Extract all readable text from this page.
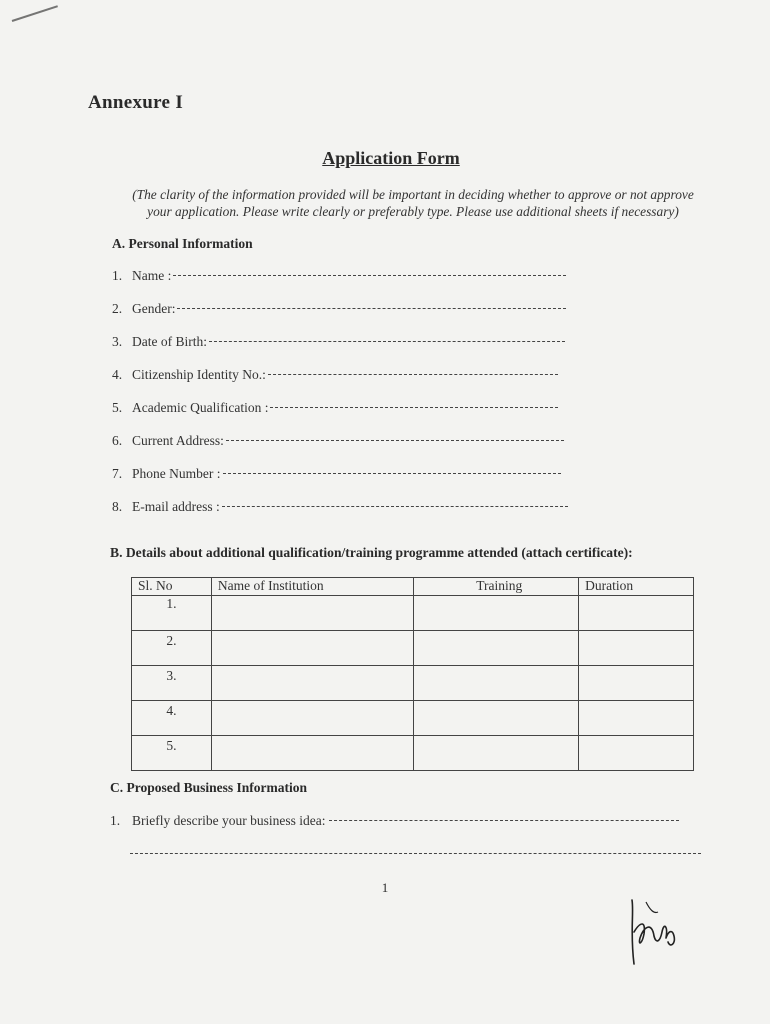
Annexure I
Application Form
(The clarity of the information provided will be important in deciding whether to approve or not approve your application. Please write clearly or preferably type. Please use additional sheets if necessary)
A. Personal Information
1. Name :
2. Gender:
3. Date of Birth:
4. Citizenship Identity No.:
5. Academic Qualification :
6. Current Address:
7. Phone Number :
8. E-mail address :
B. Details about additional qualification/training programme attended (attach certificate):
Sl. No	Name of Institution	Training	Duration
1.			
2.			
3.			
4.			
5.			
C. Proposed Business Information
1. Briefly describe your business idea:
1
